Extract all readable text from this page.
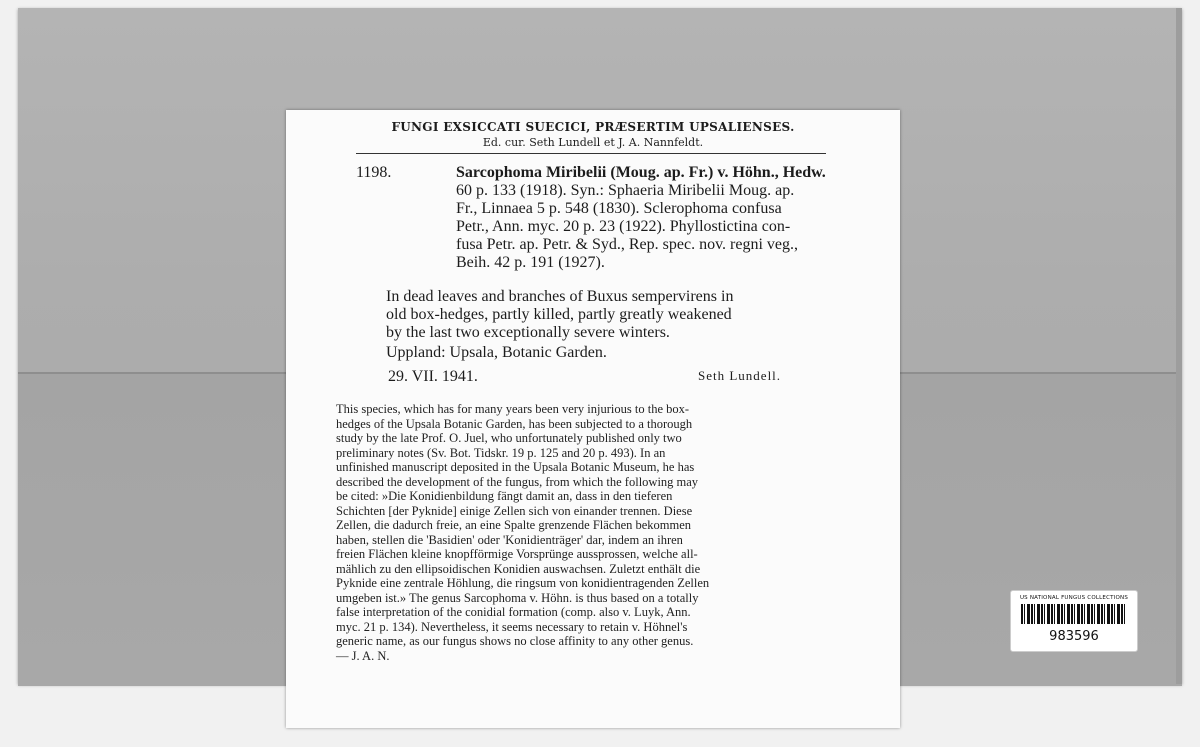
FUNGI EXSICCATI SUECICI, PRÆSERTIM UPSALIENSES.
Ed. cur. Seth Lundell et J. A. Nannfeldt.
1198.	Sarcophoma Miribelii (Moug. ap. Fr.) v. Höhn., Hedw.
60 p. 133 (1918). Syn.: Sphaeria Miribelii Moug. ap.
Fr., Linnaea 5 p. 548 (1830). Sclerophoma confusa
Petr., Ann. myc. 20 p. 23 (1922). Phyllostictina con-
fusa Petr. ap. Petr. & Syd., Rep. spec. nov. regni veg.,
Beih. 42 p. 191 (1927).
In dead leaves and branches of Buxus sempervirens in
old box-hedges, partly killed, partly greatly weakened
by the last two exceptionally severe winters.
Uppland: Upsala, Botanic Garden.
29. VII. 1941.	Seth Lundell.
This species, which has for many years been very injurious to the box-
hedges of the Upsala Botanic Garden, has been subjected to a thorough
study by the late Prof. O. Juel, who unfortunately published only two
preliminary notes (Sv. Bot. Tidskr. 19 p. 125 and 20 p. 493). In an
unfinished manuscript deposited in the Upsala Botanic Museum, he has
described the development of the fungus, from which the following may
be cited: »Die Konidienbildung fängt damit an, dass in den tieferen
Schichten [der Pyknide] einige Zellen sich von einander trennen. Diese
Zellen, die dadurch freie, an eine Spalte grenzende Flächen bekommen
haben, stellen die 'Basidien' oder 'Konidienträger' dar, indem an ihren
freien Flächen kleine knopfförmige Vorsprünge aussprossen, welche all-
mählich zu den ellipsoidischen Konidien auswachsen. Zuletzt enthält die
Pyknide eine zentrale Höhlung, die ringsum von konidientragenden Zellen
umgeben ist.» The genus Sarcophoma v. Höhn. is thus based on a totally
false interpretation of the conidial formation (comp. also v. Luyk, Ann.
myc. 21 p. 134). Nevertheless, it seems necessary to retain v. Höhnel's
generic name, as our fungus shows no close affinity to any other genus.
— J. A. N.
US NATIONAL FUNGUS COLLECTIONS
983596
